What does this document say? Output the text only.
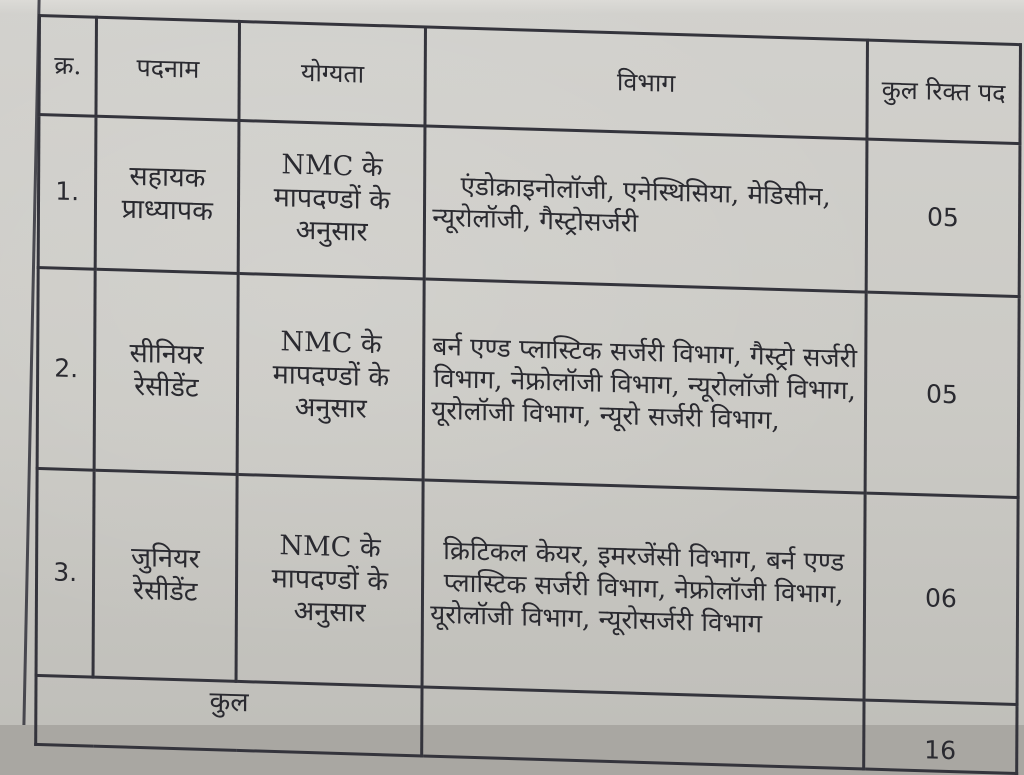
क्र.	पदनाम	योग्यता	विभाग	कुल रिक्त पद
1.	सहायक प्राध्यापक	NMC के मापदण्डों के अनुसार	एंडोक्राइनोलॉजी, एनेस्थिसिया, मेडिसीन, न्यूरोलॉजी, गैस्ट्रोसर्जरी	05
2.	सीनियर रेसीडेंट	NMC के मापदण्डों के अनुसार	बर्न एण्ड प्लास्टिक सर्जरी विभाग, गैस्ट्रो सर्जरी विभाग, नेफ्रोलॉजी विभाग, न्यूरोलॉजी विभाग, यूरोलॉजी विभाग, न्यूरो सर्जरी विभाग,	05
3.	जुनियर रेसीडेंट	NMC के मापदण्डों के अनुसार	क्रिटिकल केयर, इमरजेंसी विभाग, बर्न एण्ड प्लास्टिक सर्जरी विभाग, नेफ्रोलॉजी विभाग, यूरोलॉजी विभाग, न्यूरोसर्जरी विभाग	06
कुल				16
